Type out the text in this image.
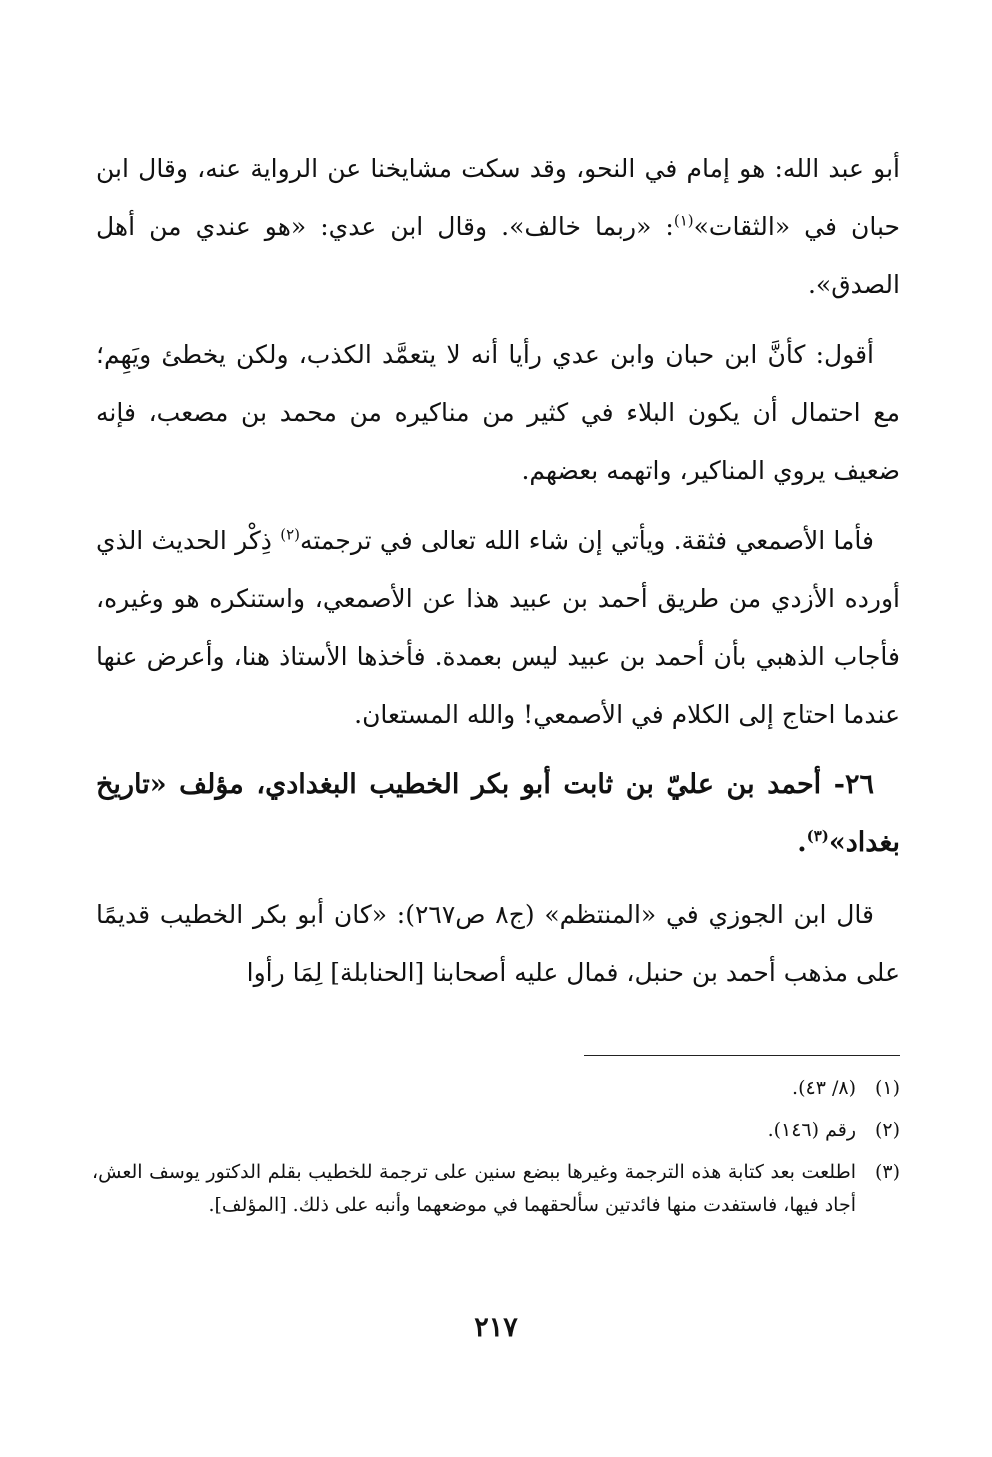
أبو عبد الله: هو إمام في النحو، وقد سكت مشايخنا عن الرواية عنه، وقال ابن حبان في «الثقات»$^{(١)}$: «ربما خالف». وقال ابن عدي: «هو عندي من أهل الصدق».
أقول: كأنَّ ابن حبان وابن عدي رأيا أنه لا يتعمَّد الكذب، ولكن يخطئ ويَهِم؛ مع احتمال أن يكون البلاء في كثير من مناكيره من محمد بن مصعب، فإنه ضعيف يروي المناكير، واتهمه بعضهم.
فأما الأصمعي فثقة. ويأتي إن شاء الله تعالى في ترجمته$^{(٢)}$ ذِكْر الحديث الذي أورده الأزدي من طريق أحمد بن عبيد هذا عن الأصمعي، واستنكره هو وغيره، فأجاب الذهبي بأن أحمد بن عبيد ليس بعمدة. فأخذها الأستاذ هنا، وأعرض عنها عندما احتاج إلى الكلام في الأصمعي! والله المستعان.
٢٦- أحمد بن عليّ بن ثابت أبو بكر الخطيب البغدادي، مؤلف «تاريخ بغداد»$^{(٣)}$.
قال ابن الجوزي في «المنتظم» (ج٨ ص٢٦٧): «كان أبو بكر الخطيب قديمًا على مذهب أحمد بن حنبل، فمال عليه أصحابنا [الحنابلة] لِمَا رأوا
(١)
(٨/ ٤٣).
(٢)
رقم (١٤٦).
(٣)
اطلعت بعد كتابة هذه الترجمة وغيرها ببضع سنين على ترجمة للخطيب بقلم الدكتور يوسف العش، أجاد فيها، فاستفدت منها فائدتين سألحقهما في موضعهما وأنبه على ذلك. [المؤلف].
٢١٧
